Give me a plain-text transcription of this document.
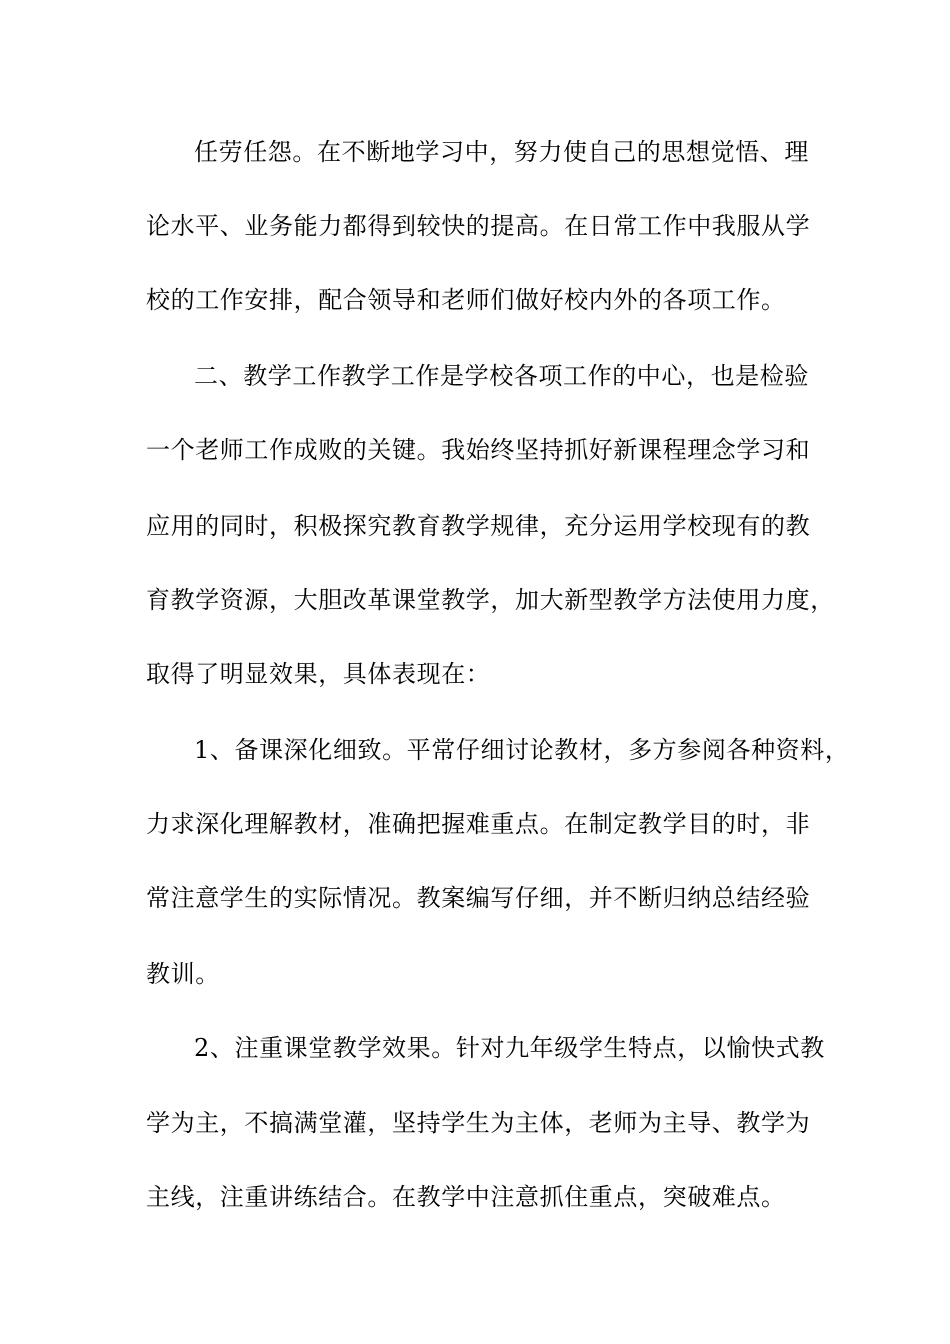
任劳任怨。在不断地学习中，努力使自己的思想觉悟、理
论水平、业务能力都得到较快的提高。在日常工作中我服从学
校的工作安排，配合领导和老师们做好校内外的各项工作。
二、教学工作教学工作是学校各项工作的中心，也是检验
一个老师工作成败的关键。我始终坚持抓好新课程理念学习和
应用的同时，积极探究教育教学规律，充分运用学校现有的教
育教学资源，大胆改革课堂教学，加大新型教学方法使用力度，
取得了明显效果，具体表现在：
1、备课深化细致。平常仔细讨论教材，多方参阅各种资料，
力求深化理解教材，准确把握难重点。在制定教学目的时，非
常注意学生的实际情况。教案编写仔细，并不断归纳总结经验
教训。
2、注重课堂教学效果。针对九年级学生特点，以愉快式教
学为主，不搞满堂灌，坚持学生为主体，老师为主导、教学为
主线，注重讲练结合。在教学中注意抓住重点，突破难点。
